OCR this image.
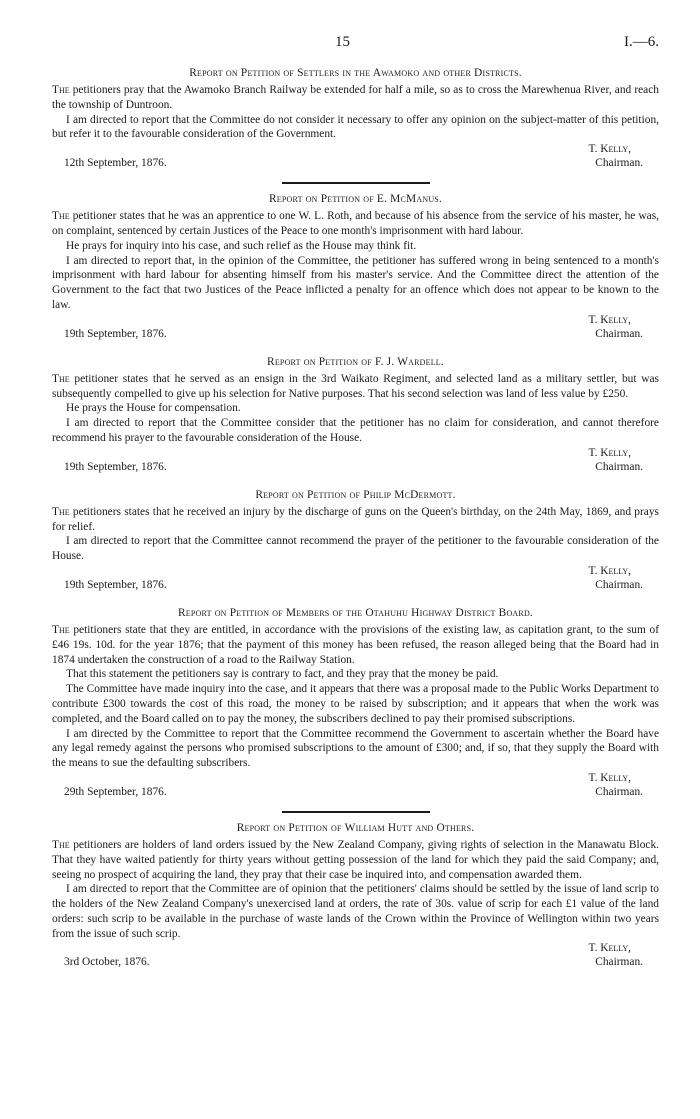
15	I.—6.
Report on Petition of Settlers in the Awamoko and other Districts.

The petitioners pray that the Awamoko Branch Railway be extended for half a mile, so as to cross the Marewhenua River, and reach the township of Duntroon.

I am directed to report that the Committee do not consider it necessary to offer any opinion on the subject-matter of this petition, but refer it to the favourable consideration of the Government.

T. Kelly,
Chairman.
12th September, 1876.
Report on Petition of E. McManus.

The petitioner states that he was an apprentice to one W. L. Roth, and because of his absence from the service of his master, he was, on complaint, sentenced by certain Justices of the Peace to one month's imprisonment with hard labour.

He prays for inquiry into his case, and such relief as the House may think fit.

I am directed to report that, in the opinion of the Committee, the petitioner has suffered wrong in being sentenced to a month's imprisonment with hard labour for absenting himself from his master's service. And the Committee direct the attention of the Government to the fact that two Justices of the Peace inflicted a penalty for an offence which does not appear to be known to the law.

T. Kelly,
Chairman.
19th September, 1876.
Report on Petition of F. J. Wardell.

The petitioner states that he served as an ensign in the 3rd Waikato Regiment, and selected land as a military settler, but was subsequently compelled to give up his selection for Native purposes. That his second selection was land of less value by £250.

He prays the House for compensation.

I am directed to report that the Committee consider that the petitioner has no claim for consideration, and cannot therefore recommend his prayer to the favourable consideration of the House.

T. Kelly,
Chairman.
19th September, 1876.
Report on Petition of Philip McDermott.

The petitioners states that he received an injury by the discharge of guns on the Queen's birthday, on the 24th May, 1869, and prays for relief.

I am directed to report that the Committee cannot recommend the prayer of the petitioner to the favourable consideration of the House.

T. Kelly,
Chairman.
19th September, 1876.
Report on Petition of Members of the Otahuhu Highway District Board.

The petitioners state that they are entitled, in accordance with the provisions of the existing law, as capitation grant, to the sum of £46 19s. 10d. for the year 1876; that the payment of this money has been refused, the reason alleged being that the Board had in 1874 undertaken the construction of a road to the Railway Station.

That this statement the petitioners say is contrary to fact, and they pray that the money be paid.

The Committee have made inquiry into the case, and it appears that there was a proposal made to the Public Works Department to contribute £300 towards the cost of this road, the money to be raised by subscription; and it appears that when the work was completed, and the Board called on to pay the money, the subscribers declined to pay their promised subscriptions.

I am directed by the Committee to report that the Committee recommend the Government to ascertain whether the Board have any legal remedy against the persons who promised subscriptions to the amount of £300; and, if so, that they supply the Board with the means to sue the defaulting subscribers.

T. Kelly,
Chairman.
29th September, 1876.
Report on Petition of William Hutt and Others.

The petitioners are holders of land orders issued by the New Zealand Company, giving rights of selection in the Manawatu Block. That they have waited patiently for thirty years without getting possession of the land for which they paid the said Company; and, seeing no prospect of acquiring the land, they pray that their case be inquired into, and compensation awarded them.

I am directed to report that the Committee are of opinion that the petitioners' claims should be settled by the issue of land scrip to the holders of the New Zealand Company's unexercised land at orders, the rate of 30s. value of scrip for each £1 value of the land orders: such scrip to be available in the purchase of waste lands of the Crown within the Province of Wellington within two years from the issue of such scrip.

T. Kelly,
Chairman.
3rd October, 1876.
